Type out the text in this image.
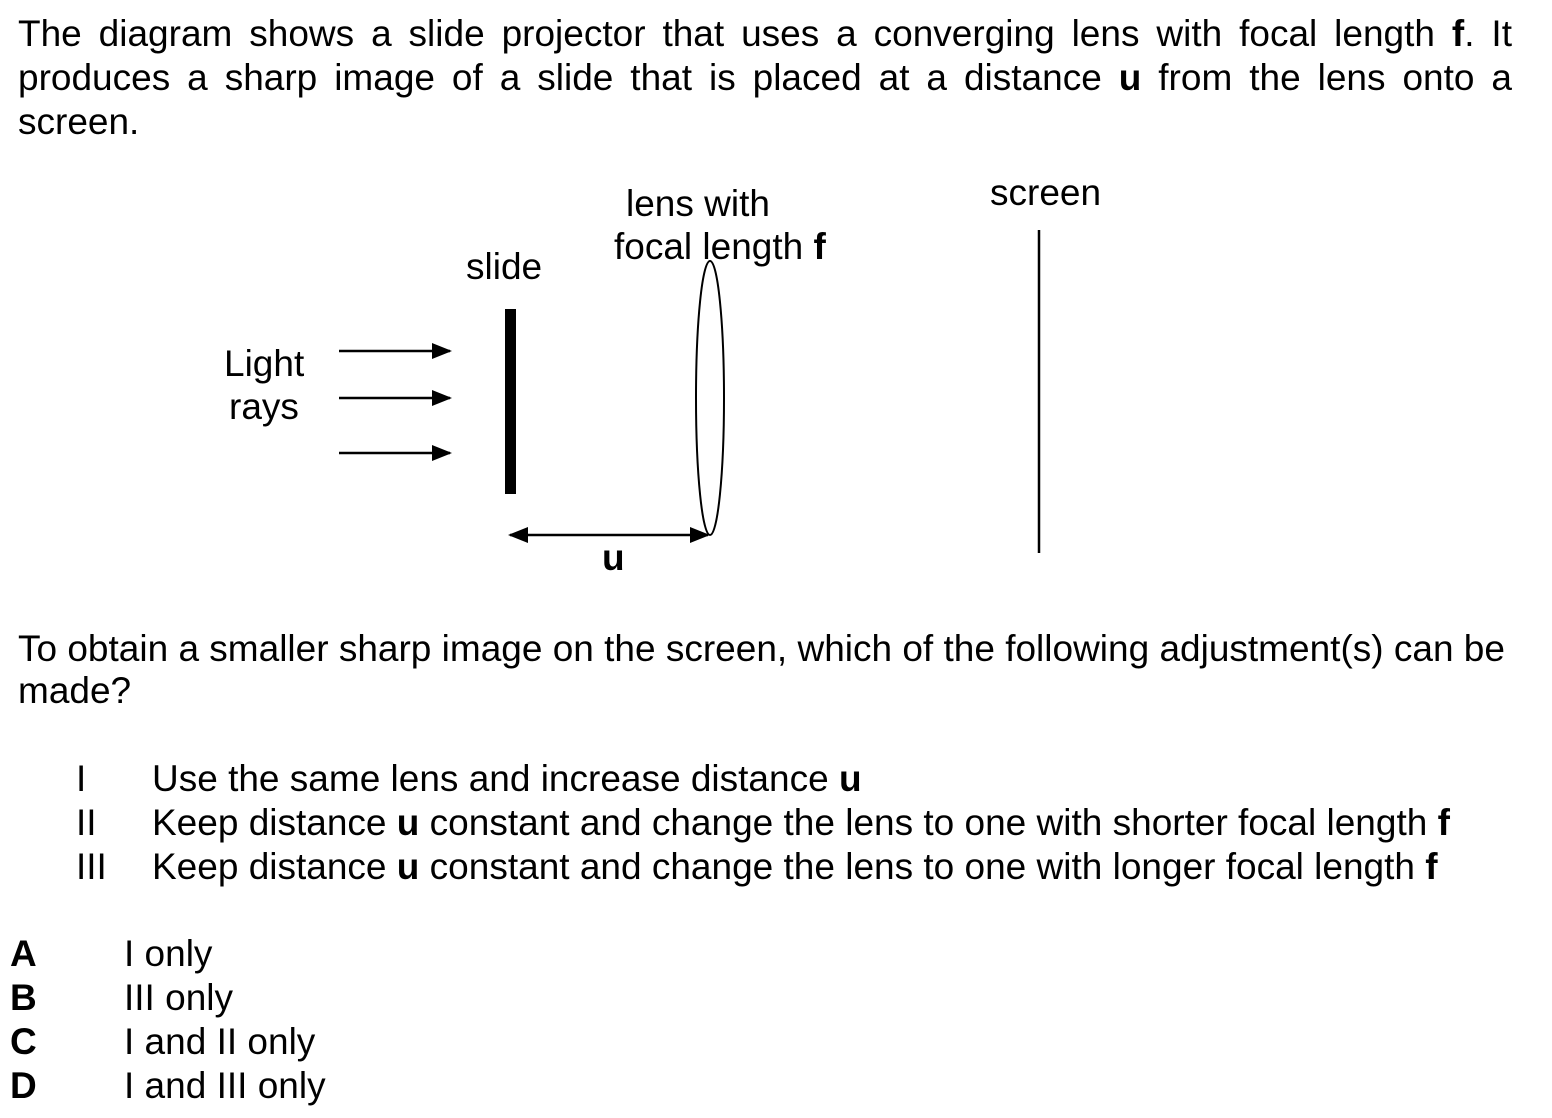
The diagram shows a slide projector that uses a converging lens with focal length f. It produces a sharp image of a slide that is placed at a distance u from the lens onto a screen.

screen
lens with
focal length f
slide
Light
rays
u

To obtain a smaller sharp image on the screen, which of the following adjustment(s) can be made?

I	Use the same lens and increase distance u
II	Keep distance u constant and change the lens to one with shorter focal length f
III	Keep distance u constant and change the lens to one with longer focal length f
A	I only
B	III only
C	I and II only
D	I and III only
